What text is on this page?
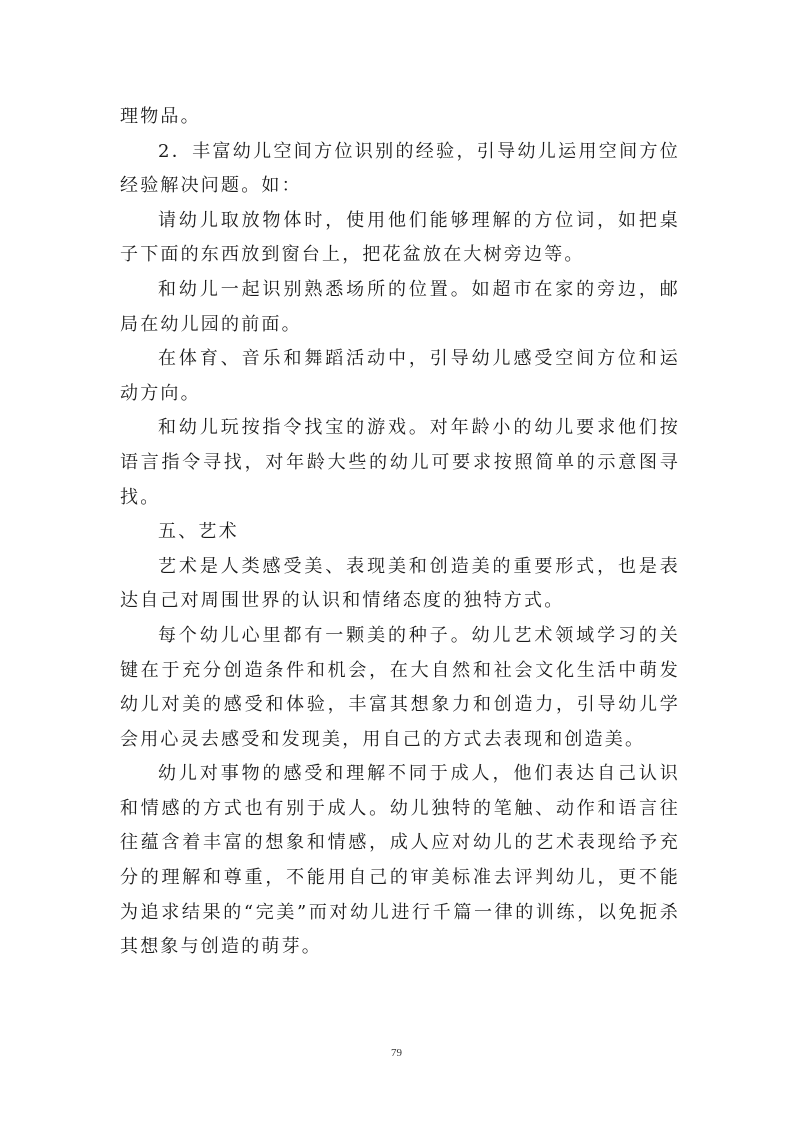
理物品。

2．丰富幼儿空间方位识别的经验，引导幼儿运用空间方位经验解决问题。如：

请幼儿取放物体时，使用他们能够理解的方位词，如把桌子下面的东西放到窗台上，把花盆放在大树旁边等。

和幼儿一起识别熟悉场所的位置。如超市在家的旁边，邮局在幼儿园的前面。

在体育、音乐和舞蹈活动中，引导幼儿感受空间方位和运动方向。

和幼儿玩按指令找宝的游戏。对年龄小的幼儿要求他们按语言指令寻找，对年龄大些的幼儿可要求按照简单的示意图寻找。

五、艺术

艺术是人类感受美、表现美和创造美的重要形式，也是表达自己对周围世界的认识和情绪态度的独特方式。

每个幼儿心里都有一颗美的种子。幼儿艺术领域学习的关键在于充分创造条件和机会，在大自然和社会文化生活中萌发幼儿对美的感受和体验，丰富其想象力和创造力，引导幼儿学会用心灵去感受和发现美，用自己的方式去表现和创造美。

幼儿对事物的感受和理解不同于成人，他们表达自己认识和情感的方式也有别于成人。幼儿独特的笔触、动作和语言往往蕴含着丰富的想象和情感，成人应对幼儿的艺术表现给予充分的理解和尊重，不能用自己的审美标准去评判幼儿，更不能为追求结果的“完美”而对幼儿进行千篇一律的训练，以免扼杀其想象与创造的萌芽。

79
